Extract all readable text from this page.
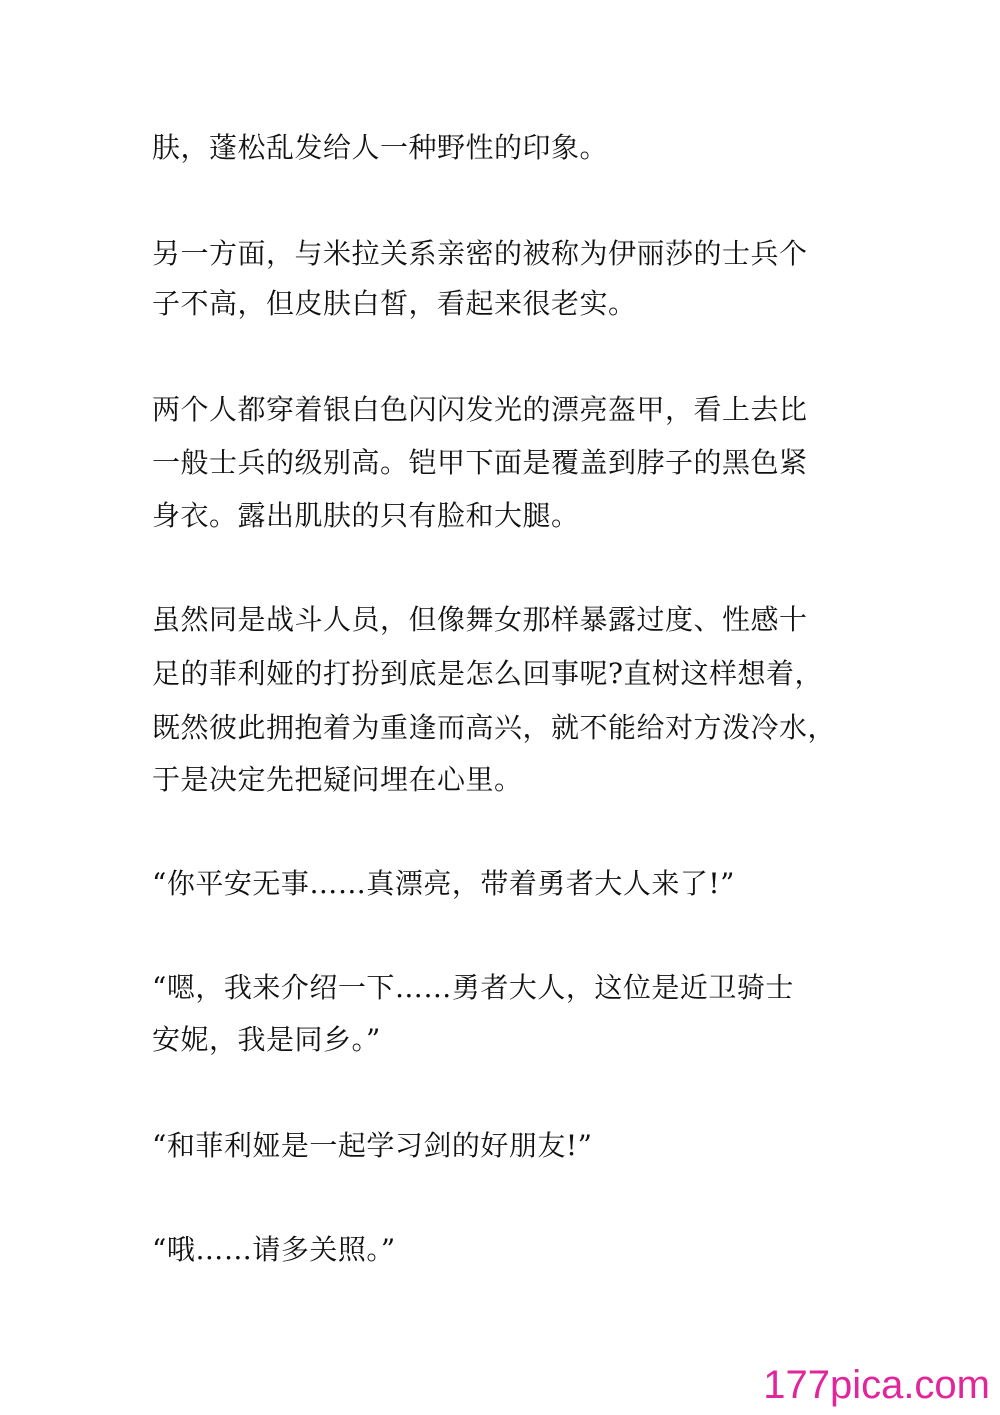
肤，蓬松乱发给人一种野性的印象。
另一方面，与米拉关系亲密的被称为伊丽莎的士兵个
子不高，但皮肤白皙，看起来很老实。
两个人都穿着银白色闪闪发光的漂亮盔甲，看上去比
一般士兵的级别高。铠甲下面是覆盖到脖子的黑色紧
身衣。露出肌肤的只有脸和大腿。
虽然同是战斗人员，但像舞女那样暴露过度、性感十
足的菲利娅的打扮到底是怎么回事呢?直树这样想着，
既然彼此拥抱着为重逢而高兴，就不能给对方泼冷水，
于是决定先把疑问埋在心里。
“你平安无事……真漂亮，带着勇者大人来了!”
“嗯，我来介绍一下……勇者大人，这位是近卫骑士
安妮，我是同乡。”
“和菲利娅是一起学习剑的好朋友!”
“哦……请多关照。”
177pica.com
